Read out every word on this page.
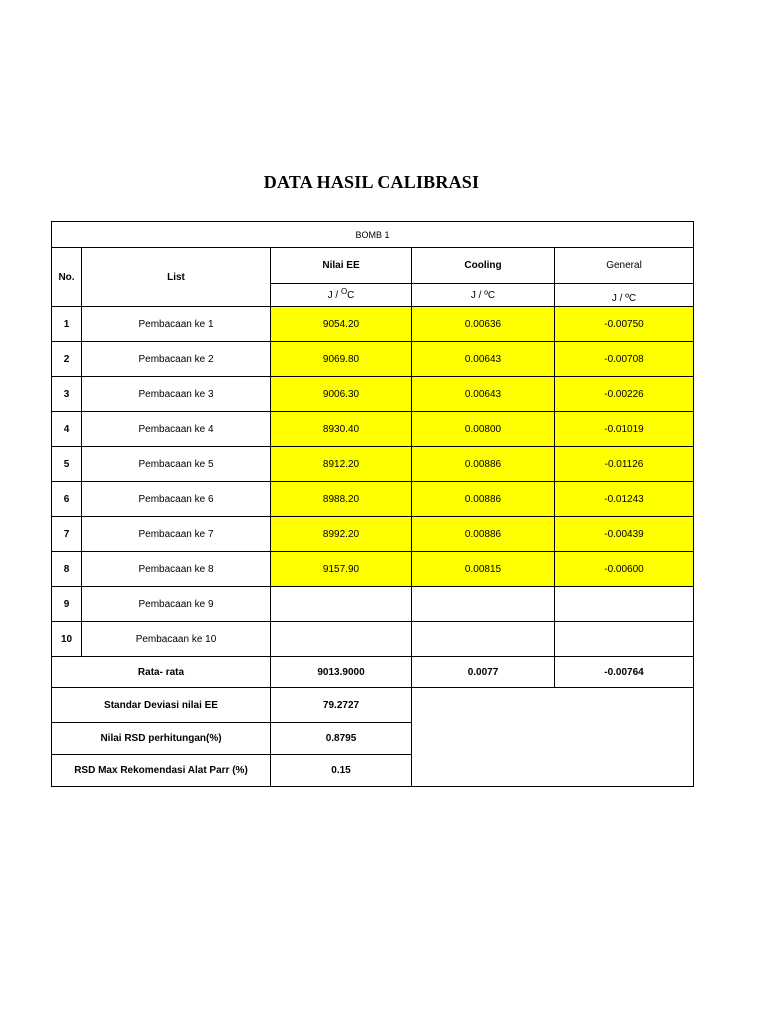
DATA HASIL CALIBRASI
BOMB 1				
No.	List	Nilai EE	Cooling	General
		J / $^O$C	J / ºC	J / ºC
1	Pembacaan ke 1	9054.20	0.00636	-0.00750
2	Pembacaan ke 2	9069.80	0.00643	-0.00708
3	Pembacaan ke 3	9006.30	0.00643	-0.00226
4	Pembacaan ke 4	8930.40	0.00800	-0.01019
5	Pembacaan ke 5	8912.20	0.00886	-0.01126
6	Pembacaan ke 6	8988.20	0.00886	-0.01243
7	Pembacaan ke 7	8992.20	0.00886	-0.00439
8	Pembacaan ke 8	9157.90	0.00815	-0.00600
9	Pembacaan ke 9			
10	Pembacaan ke 10			
Rata- rata		9013.9000	0.0077	-0.00764
Standar Deviasi nilai EE		79.2727		
Nilai RSD perhitungan(%)		0.8795		
RSD Max Rekomendasi Alat Parr (%)		0.15		
